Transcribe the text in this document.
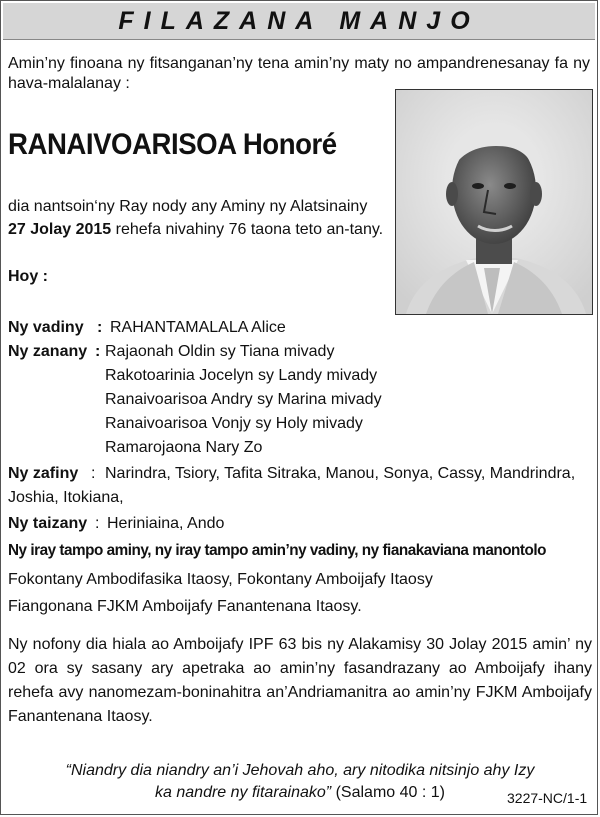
FILAZANA MANJO
Amin’ny finoana ny fitsanganan’ny tena amin’ny maty no ampandrenesanay fa ny hava-malalanay :
RANAIVOARISOA Honoré
dia nantsoin‘ny Ray nody any Aminy ny Alatsinainy
27 Jolay 2015 rehefa nivahiny 76 taona teto an-tany.
Hoy :
Ny vadiny : RAHANTAMALALA Alice
Ny zanany : Rajaonah Oldin sy Tiana mivady
Rakotoarinia Jocelyn sy Landy mivady
Ranaivoarisoa Andry sy Marina mivady
Ranaivoarisoa Vonjy sy Holy mivady
Ramarojaona Nary Zo
Ny zafiny : Narindra, Tsiory, Tafita Sitraka, Manou, Sonya, Cassy, Mandrindra,
Joshia, Itokiana,
Ny taizany : Heriniaina, Ando
Ny iray tampo aminy, ny iray tampo amin’ny vadiny, ny fianakaviana manontolo
Fokontany Ambodifasika Itaosy, Fokontany Amboijafy Itaosy
Fiangonana FJKM Amboijafy Fanantenana Itaosy.
Ny nofony dia hiala ao Amboijafy IPF 63 bis ny Alakamisy 30 Jolay 2015 amin’ ny 02 ora sy sasany ary apetraka ao amin’ny fasandrazany ao Amboijafy ihany rehefa avy nanomezam-boninahitra an’Andriamanitra ao amin’ny FJKM Amboijafy Fanantenana Itaosy.
“Niandry dia niandry an’i Jehovah aho, ary nitodika nitsinjo ahy Izy
ka nandre ny fitarainako” (Salamo 40 : 1)	3227-NC/1-1
